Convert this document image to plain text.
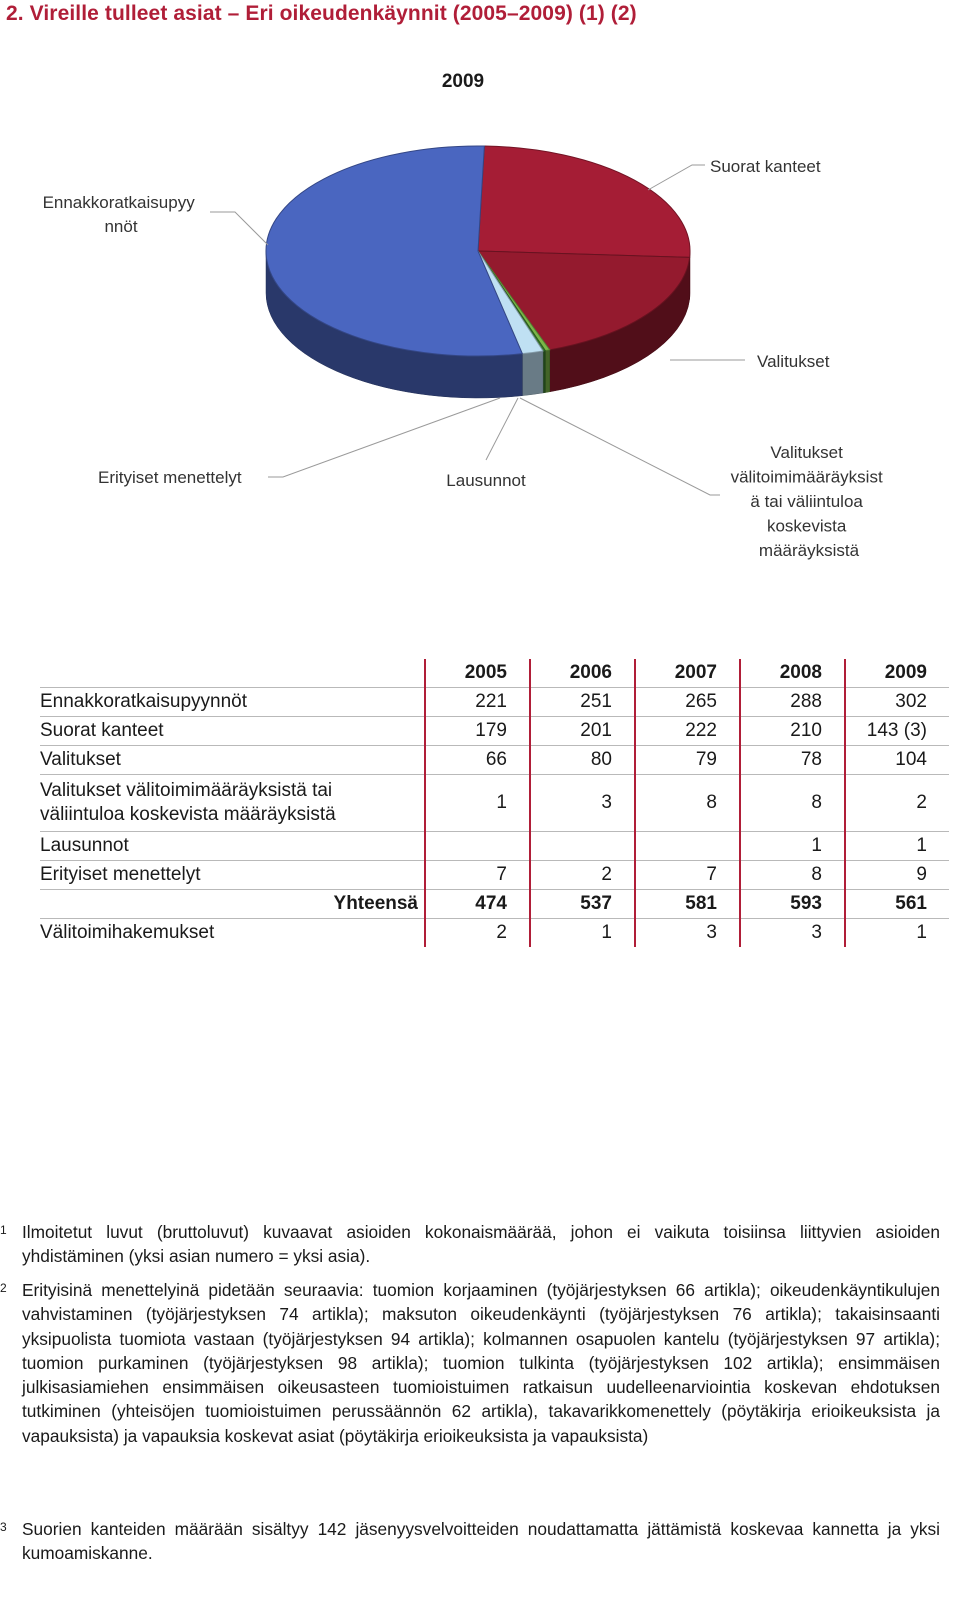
2. Vireille tulleet asiat – Eri oikeudenkäynnit (2005–2009) (1) (2)
2009
Ennakkoratkaisupyy nnöt
Suorat kanteet
Valitukset
Erityiset menettelyt	Lausunnot
Valitukset välitoimimääräyksist ä tai väliintuloa koskevista määräyksistä
	2005	2006	2007	2008	2009
Ennakkoratkaisupyynnöt	221	251	265	288	302
Suorat kanteet	179	201	222	210	143 (3)
Valitukset	66	80	79	78	104

Valitukset välitoimimääräyksistä tai
väliintuloa koskevista määräyksistä	1	3	8	8	2
Lausunnot				1	1
Erityiset menettelyt	7	2	7	8	9
Yhteensä	474	537	581	593	561
Välitoimihakemukset	2	1	3	3	1
1 Ilmoitetut luvut (bruttoluvut) kuvaavat asioiden kokonaismäärää, johon ei vaikuta toisiinsa liittyvien asioiden yhdistäminen (yksi asian numero = yksi asia).
2 Erityisinä menettelyinä pidetään seuraavia: tuomion korjaaminen (työjärjestyksen 66 artikla); oikeudenkäyntikulujen vahvistaminen (työjärjestyksen 74 artikla); maksuton oikeudenkäynti (työjärjestyksen 76 artikla); takaisinsaanti yksipuolista tuomiota vastaan (työjärjestyksen 94 artikla); kolmannen osapuolen kantelu (työjärjestyksen 97 artikla); tuomion purkaminen (työjärjestyksen 98 artikla); tuomion tulkinta (työjärjestyksen 102 artikla); ensimmäisen julkisasiamiehen ensimmäisen oikeusasteen tuomioistuimen ratkaisun uudelleenarviointia koskevan ehdotuksen tutkiminen (yhteisöjen tuomioistuimen perussäännön 62 artikla), takavarikkomenettely (pöytäkirja erioikeuksista ja vapauksista) ja vapauksia koskevat asiat (pöytäkirja erioikeuksista ja vapauksista)
3 Suorien kanteiden määrään sisältyy 142 jäsenyysvelvoitteiden noudattamatta jättämistä koskevaa kannetta ja yksi kumoamiskanne.
